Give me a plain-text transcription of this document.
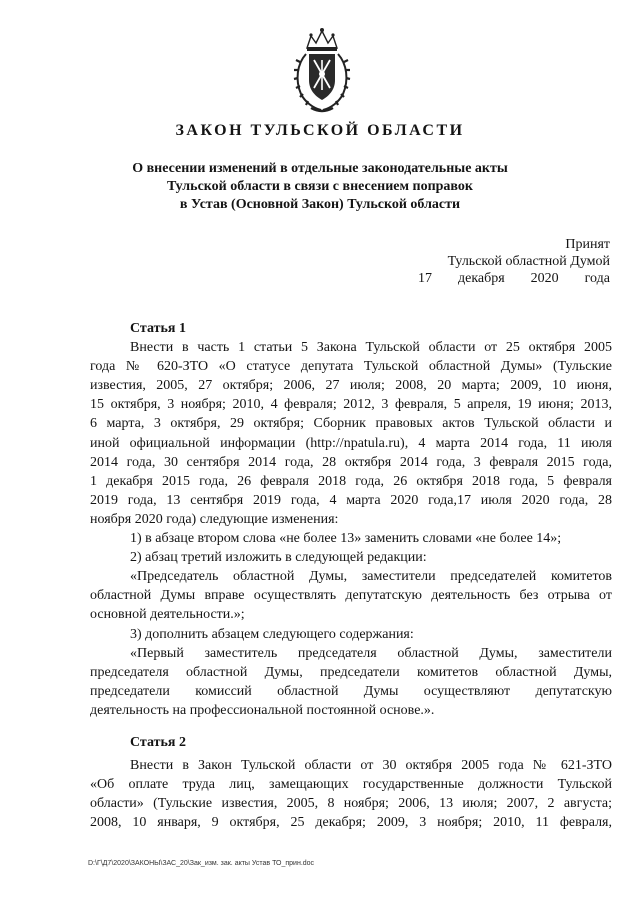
ЗАКОН ТУЛЬСКОЙ ОБЛАСТИ
О внесении изменений в отдельные законодательные акты
Тульской области в связи с внесением поправок
в Устав (Основной Закон) Тульской области
Принят
Тульской областной Думой
17 декабря 2020 года
Статья 1
Внести в часть 1 статьи 5 Закона Тульской области от 25 октября 2005
года № 620-ЗТО «О статусе депутата Тульской областной Думы» (Тульские
известия, 2005, 27 октября; 2006, 27 июля; 2008, 20 марта; 2009, 10 июня,
15 октября, 3 ноября; 2010, 4 февраля; 2012, 3 февраля, 5 апреля, 19 июня; 2013,
6 марта, 3 октября, 29 октября; Сборник правовых актов Тульской области и
иной официальной информации (http://npatula.ru), 4 марта 2014 года, 11 июля
2014 года, 30 сентября 2014 года, 28 октября 2014 года, 3 февраля 2015 года,
1 декабря 2015 года, 26 февраля 2018 года, 26 октября 2018 года, 5 февраля
2019 года, 13 сентября 2019 года, 4 марта 2020 года,17 июля 2020 года, 28
ноября 2020 года) следующие изменения:
1) в абзаце втором слова «не более 13» заменить словами «не более 14»;
2) абзац третий изложить в следующей редакции:
«Председатель областной Думы, заместители председателей комитетов
областной Думы вправе осуществлять депутатскую деятельность без отрыва от
основной деятельности.»;
3) дополнить абзацем следующего содержания:
«Первый заместитель председателя областной Думы, заместители
председателя областной Думы, председатели комитетов областной Думы,
председатели комиссий областной Думы осуществляют депутатскую
деятельность на профессиональной постоянной основе.».
Статья 2
Внести в Закон Тульской области от 30 октября 2005 года № 621-ЗТО
«Об оплате труда лиц, замещающих государственные должности Тульской
области» (Тульские известия, 2005, 8 ноября; 2006, 13 июля; 2007, 2 августа;
2008, 10 января, 9 октября, 25 декабря; 2009, 3 ноября; 2010, 11 февраля,
D:\Г\Д7\2020\ЗАКОНЫ\ЗАС_20\Зак_изм. зак. акты Устав ТО_прин.doc
